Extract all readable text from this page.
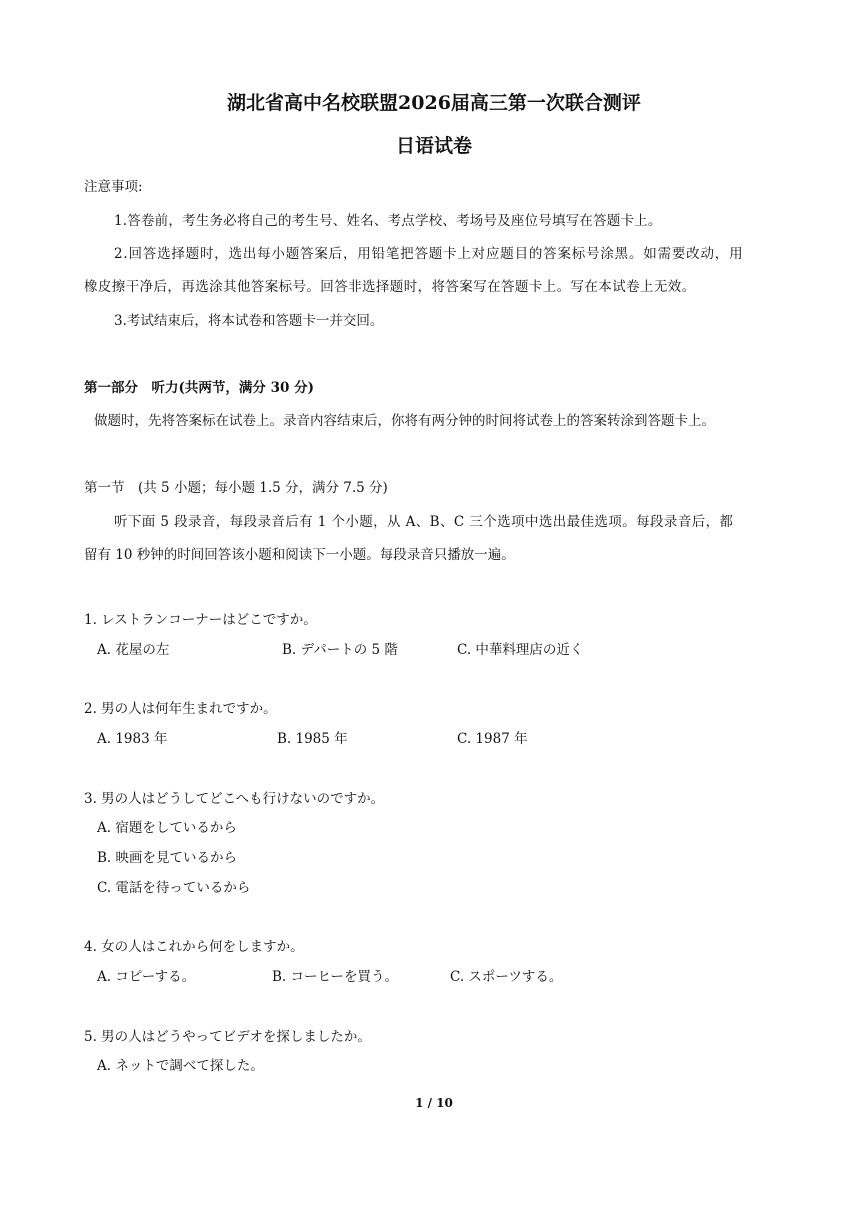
湖北省高中名校联盟2026届高三第一次联合测评
日语试卷
注意事项:
1.答卷前，考生务必将自己的考生号、姓名、考点学校、考场号及座位号填写在答题卡上。
2.回答选择题时，选出每小题答案后，用铅笔把答题卡上对应题目的答案标号涂黑。如需要改动，用
橡皮擦干净后，再选涂其他答案标号。回答非选择题时，将答案写在答题卡上。写在本试卷上无效。
3.考试结束后，将本试卷和答题卡一并交回。
第一部分　听力(共两节，满分 30 分)
做题时，先将答案标在试卷上。录音内容结束后，你将有两分钟的时间将试卷上的答案转涂到答题卡上。
第一节　(共 5 小题；每小题 1.5 分，满分 7.5 分)
听下面 5 段录音，每段录音后有 1 个小题，从 A、B、C 三个选项中选出最佳选项。每段录音后，都
留有 10 秒钟的时间回答该小题和阅读下一小题。每段录音只播放一遍。
1. レストランコーナーはどこですか。
A. 花屋の左	B. デパートの 5 階	C. 中華料理店の近く
2. 男の人は何年生まれですか。
A. 1983 年	B. 1985 年	C. 1987 年
3. 男の人はどうしてどこへも行けないのですか。
A. 宿題をしているから
B. 映画を見ているから
C. 電話を待っているから
4. 女の人はこれから何をしますか。
A. コピーする。	B. コーヒーを買う。	C. スポーツする。
5. 男の人はどうやってビデオを探しましたか。
A. ネットで調べて探した。
1 / 10
